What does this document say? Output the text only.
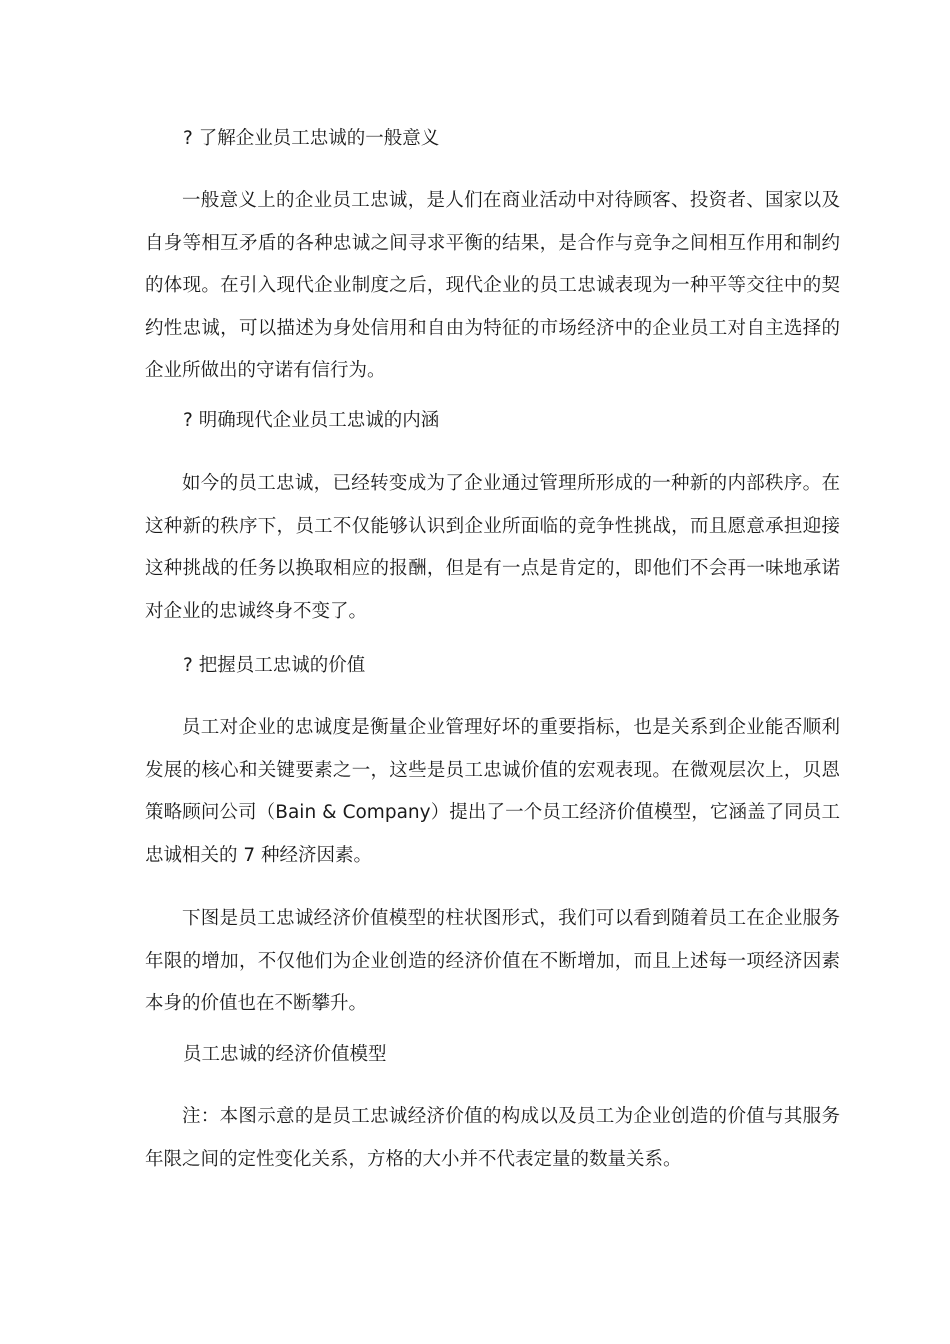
? 了解企业员工忠诚的一般意义

一般意义上的企业员工忠诚，是人们在商业活动中对待顾客、投资者、国家以及自身等相互矛盾的各种忠诚之间寻求平衡的结果，是合作与竞争之间相互作用和制约的体现。在引入现代企业制度之后，现代企业的员工忠诚表现为一种平等交往中的契约性忠诚，可以描述为身处信用和自由为特征的市场经济中的企业员工对自主选择的企业所做出的守诺有信行为。

? 明确现代企业员工忠诚的内涵

如今的员工忠诚，已经转变成为了企业通过管理所形成的一种新的内部秩序。在这种新的秩序下，员工不仅能够认识到企业所面临的竞争性挑战，而且愿意承担迎接这种挑战的任务以换取相应的报酬，但是有一点是肯定的，即他们不会再一味地承诺对企业的忠诚终身不变了。

? 把握员工忠诚的价值

员工对企业的忠诚度是衡量企业管理好坏的重要指标，也是关系到企业能否顺利发展的核心和关键要素之一，这些是员工忠诚价值的宏观表现。在微观层次上，贝恩策略顾问公司（Bain & Company）提出了一个员工经济价值模型，它涵盖了同员工忠诚相关的 7 种经济因素。

下图是员工忠诚经济价值模型的柱状图形式，我们可以看到随着员工在企业服务年限的增加，不仅他们为企业创造的经济价值在不断增加，而且上述每一项经济因素本身的价值也在不断攀升。

员工忠诚的经济价值模型

注：本图示意的是员工忠诚经济价值的构成以及员工为企业创造的价值与其服务年限之间的定性变化关系，方格的大小并不代表定量的数量关系。
